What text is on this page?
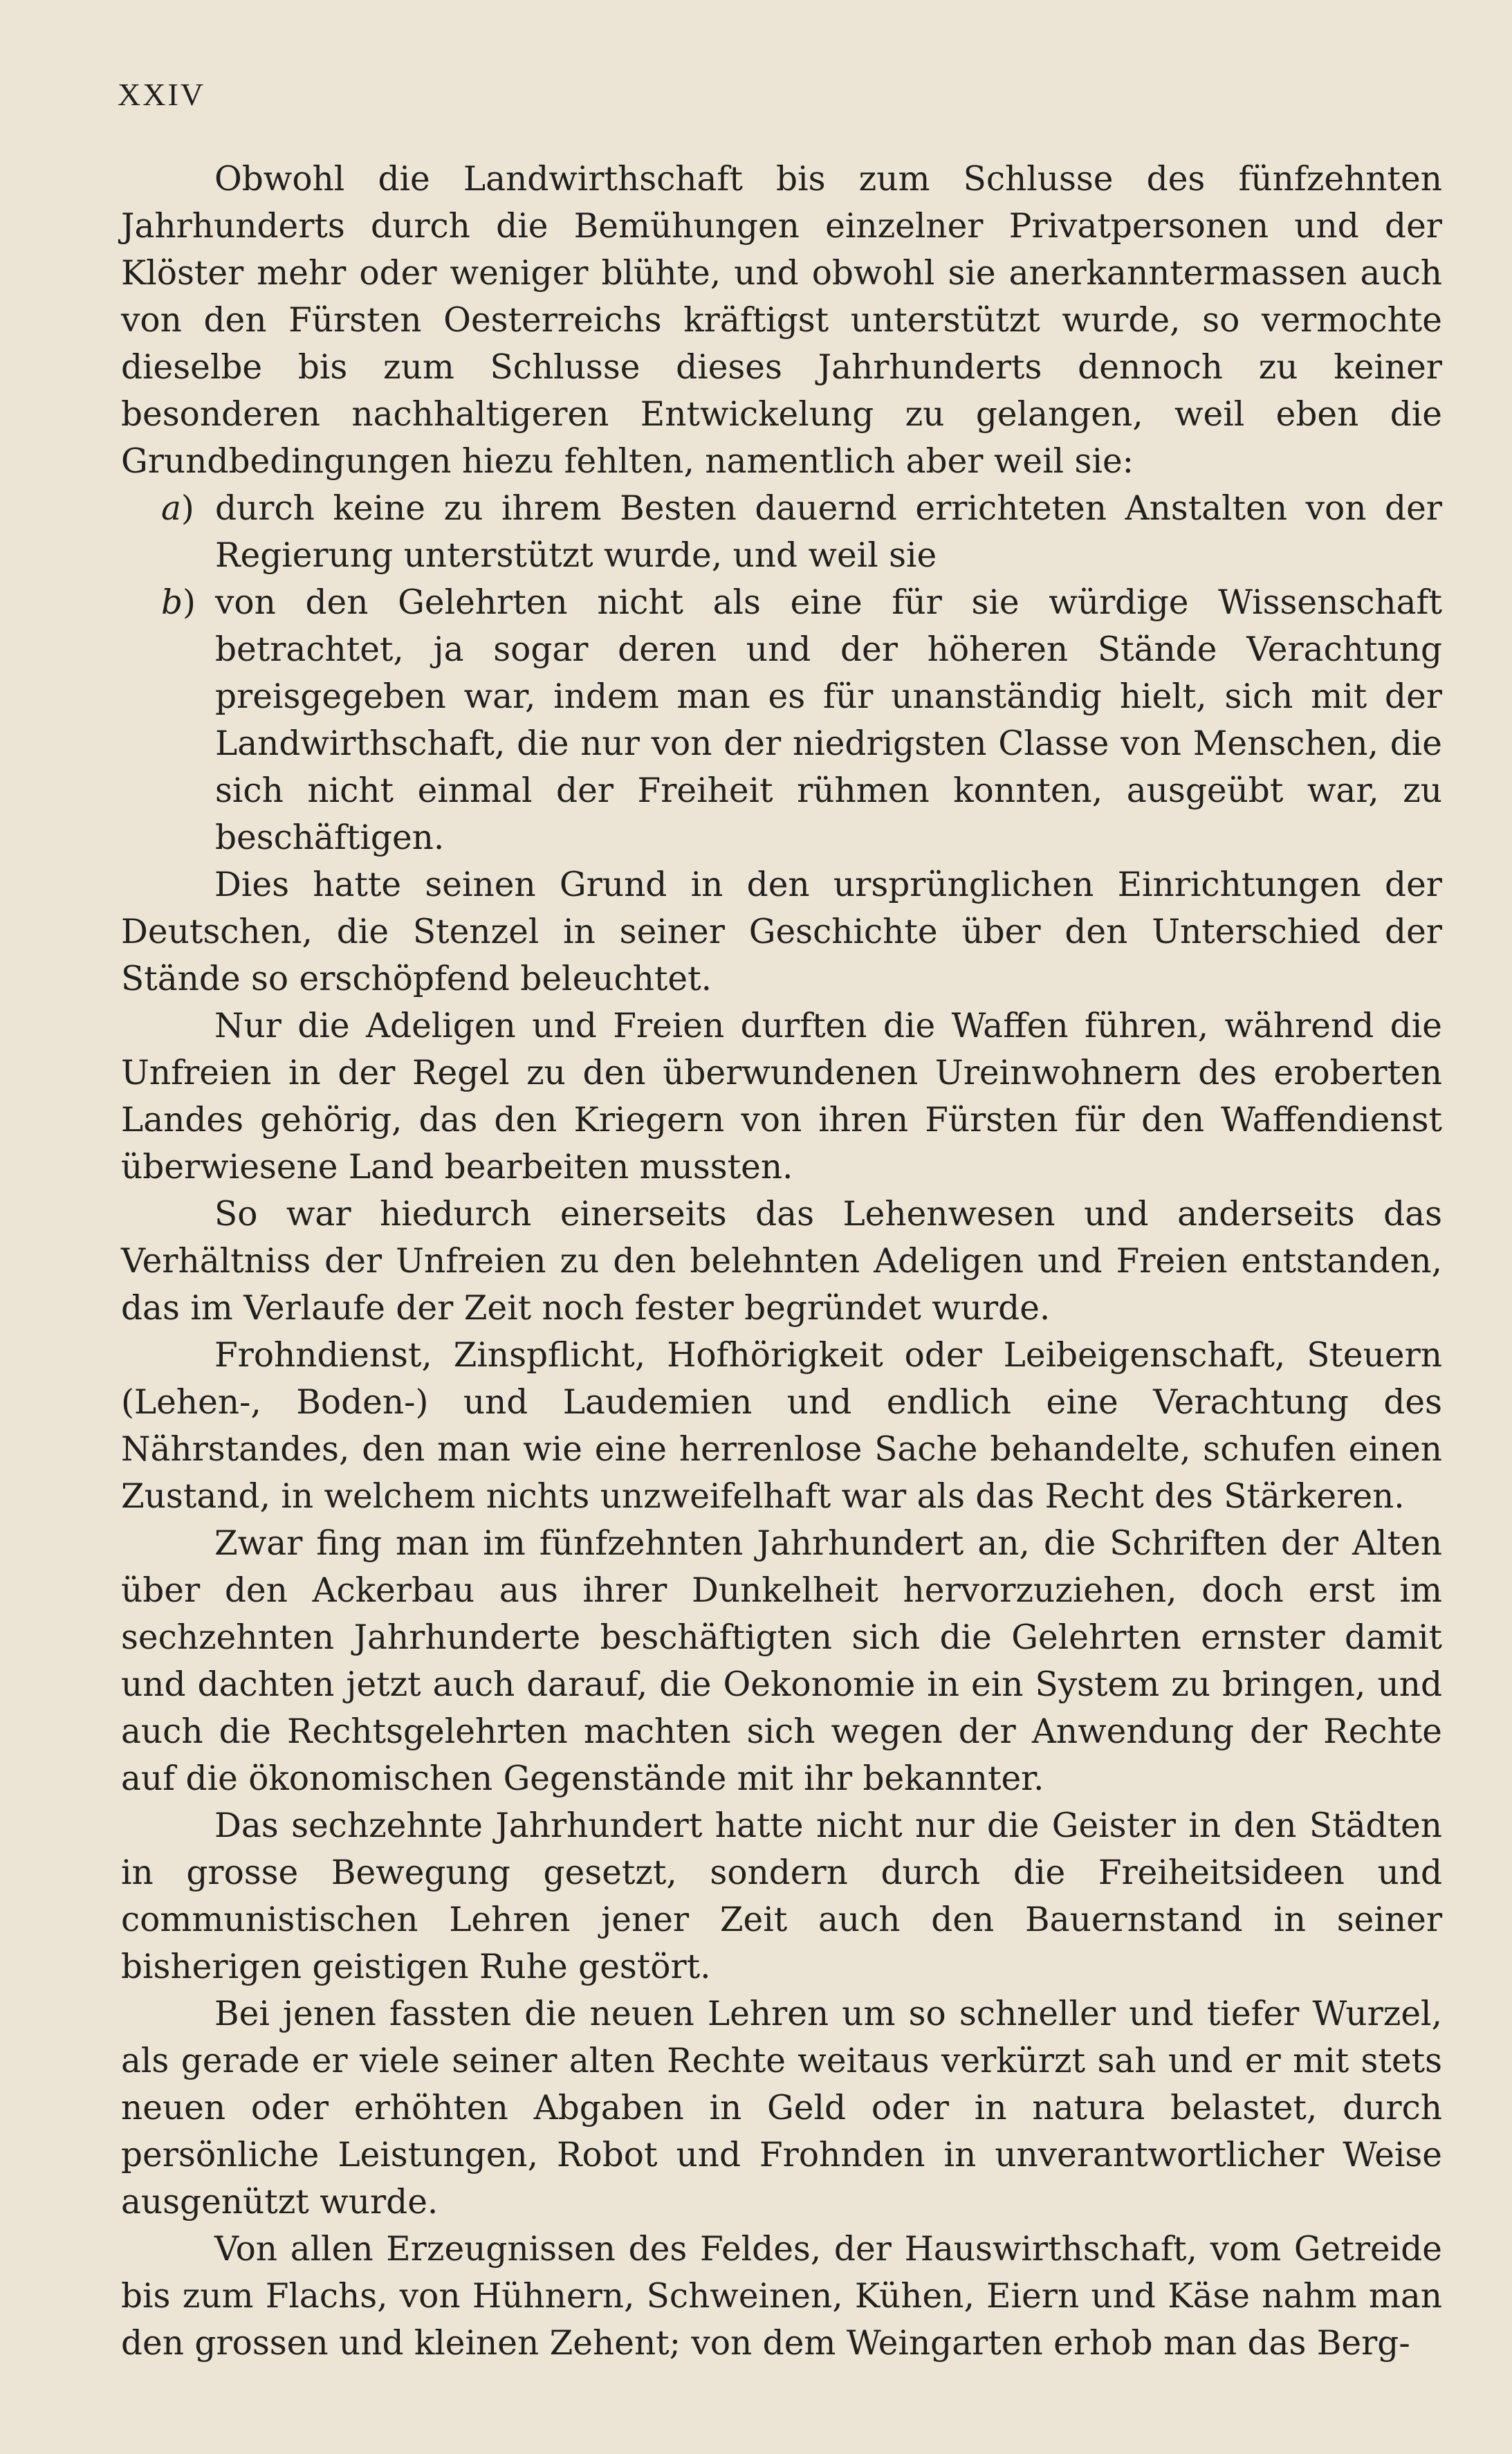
XXIV

Obwohl die Landwirthschaft bis zum Schlusse des fünfzehnten Jahrhunderts durch die Bemühungen einzelner Privatpersonen und der Klöster mehr oder weniger blühte, und obwohl sie anerkanntermassen auch von den Fürsten Oesterreichs kräftigst unterstützt wurde, so vermochte dieselbe bis zum Schlusse dieses Jahrhunderts dennoch zu keiner besonderen nachhaltigeren Entwickelung zu gelangen, weil eben die Grundbedingungen hiezu fehlten, namentlich aber weil sie:

a) durch keine zu ihrem Besten dauernd errichteten Anstalten von der Regierung unterstützt wurde, und weil sie

b) von den Gelehrten nicht als eine für sie würdige Wissenschaft betrachtet, ja sogar deren und der höheren Stände Verachtung preisgegeben war, indem man es für unanständig hielt, sich mit der Landwirthschaft, die nur von der niedrigsten Classe von Menschen, die sich nicht einmal der Freiheit rühmen konnten, ausgeübt war, zu beschäftigen.

Dies hatte seinen Grund in den ursprünglichen Einrichtungen der Deutschen, die Stenzel in seiner Geschichte über den Unterschied der Stände so erschöpfend beleuchtet.

Nur die Adeligen und Freien durften die Waffen führen, während die Unfreien in der Regel zu den überwundenen Ureinwohnern des eroberten Landes gehörig, das den Kriegern von ihren Fürsten für den Waffendienst überwiesene Land bearbeiten mussten.

So war hiedurch einerseits das Lehenwesen und anderseits das Verhältniss der Unfreien zu den belehnten Adeligen und Freien entstanden, das im Verlaufe der Zeit noch fester begründet wurde.

Frohndienst, Zinspflicht, Hofhörigkeit oder Leibeigenschaft, Steuern (Lehen-, Boden-) und Laudemien und endlich eine Verachtung des Nährstandes, den man wie eine herrenlose Sache behandelte, schufen einen Zustand, in welchem nichts unzweifelhaft war als das Recht des Stärkeren.

Zwar fing man im fünfzehnten Jahrhundert an, die Schriften der Alten über den Ackerbau aus ihrer Dunkelheit hervorzuziehen, doch erst im sechzehnten Jahrhunderte beschäftigten sich die Gelehrten ernster damit und dachten jetzt auch darauf, die Oekonomie in ein System zu bringen, und auch die Rechtsgelehrten machten sich wegen der Anwendung der Rechte auf die ökonomischen Gegenstände mit ihr bekannter.

Das sechzehnte Jahrhundert hatte nicht nur die Geister in den Städten in grosse Bewegung gesetzt, sondern durch die Freiheitsideen und communistischen Lehren jener Zeit auch den Bauernstand in seiner bisherigen geistigen Ruhe gestört.

Bei jenen fassten die neuen Lehren um so schneller und tiefer Wurzel, als gerade er viele seiner alten Rechte weitaus verkürzt sah und er mit stets neuen oder erhöhten Abgaben in Geld oder in natura belastet, durch persönliche Leistungen, Robot und Frohnden in unverantwortlicher Weise ausgenützt wurde.

Von allen Erzeugnissen des Feldes, der Hauswirthschaft, vom Getreide bis zum Flachs, von Hühnern, Schweinen, Kühen, Eiern und Käse nahm man den grossen und kleinen Zehent; von dem Weingarten erhob man das Berg-
